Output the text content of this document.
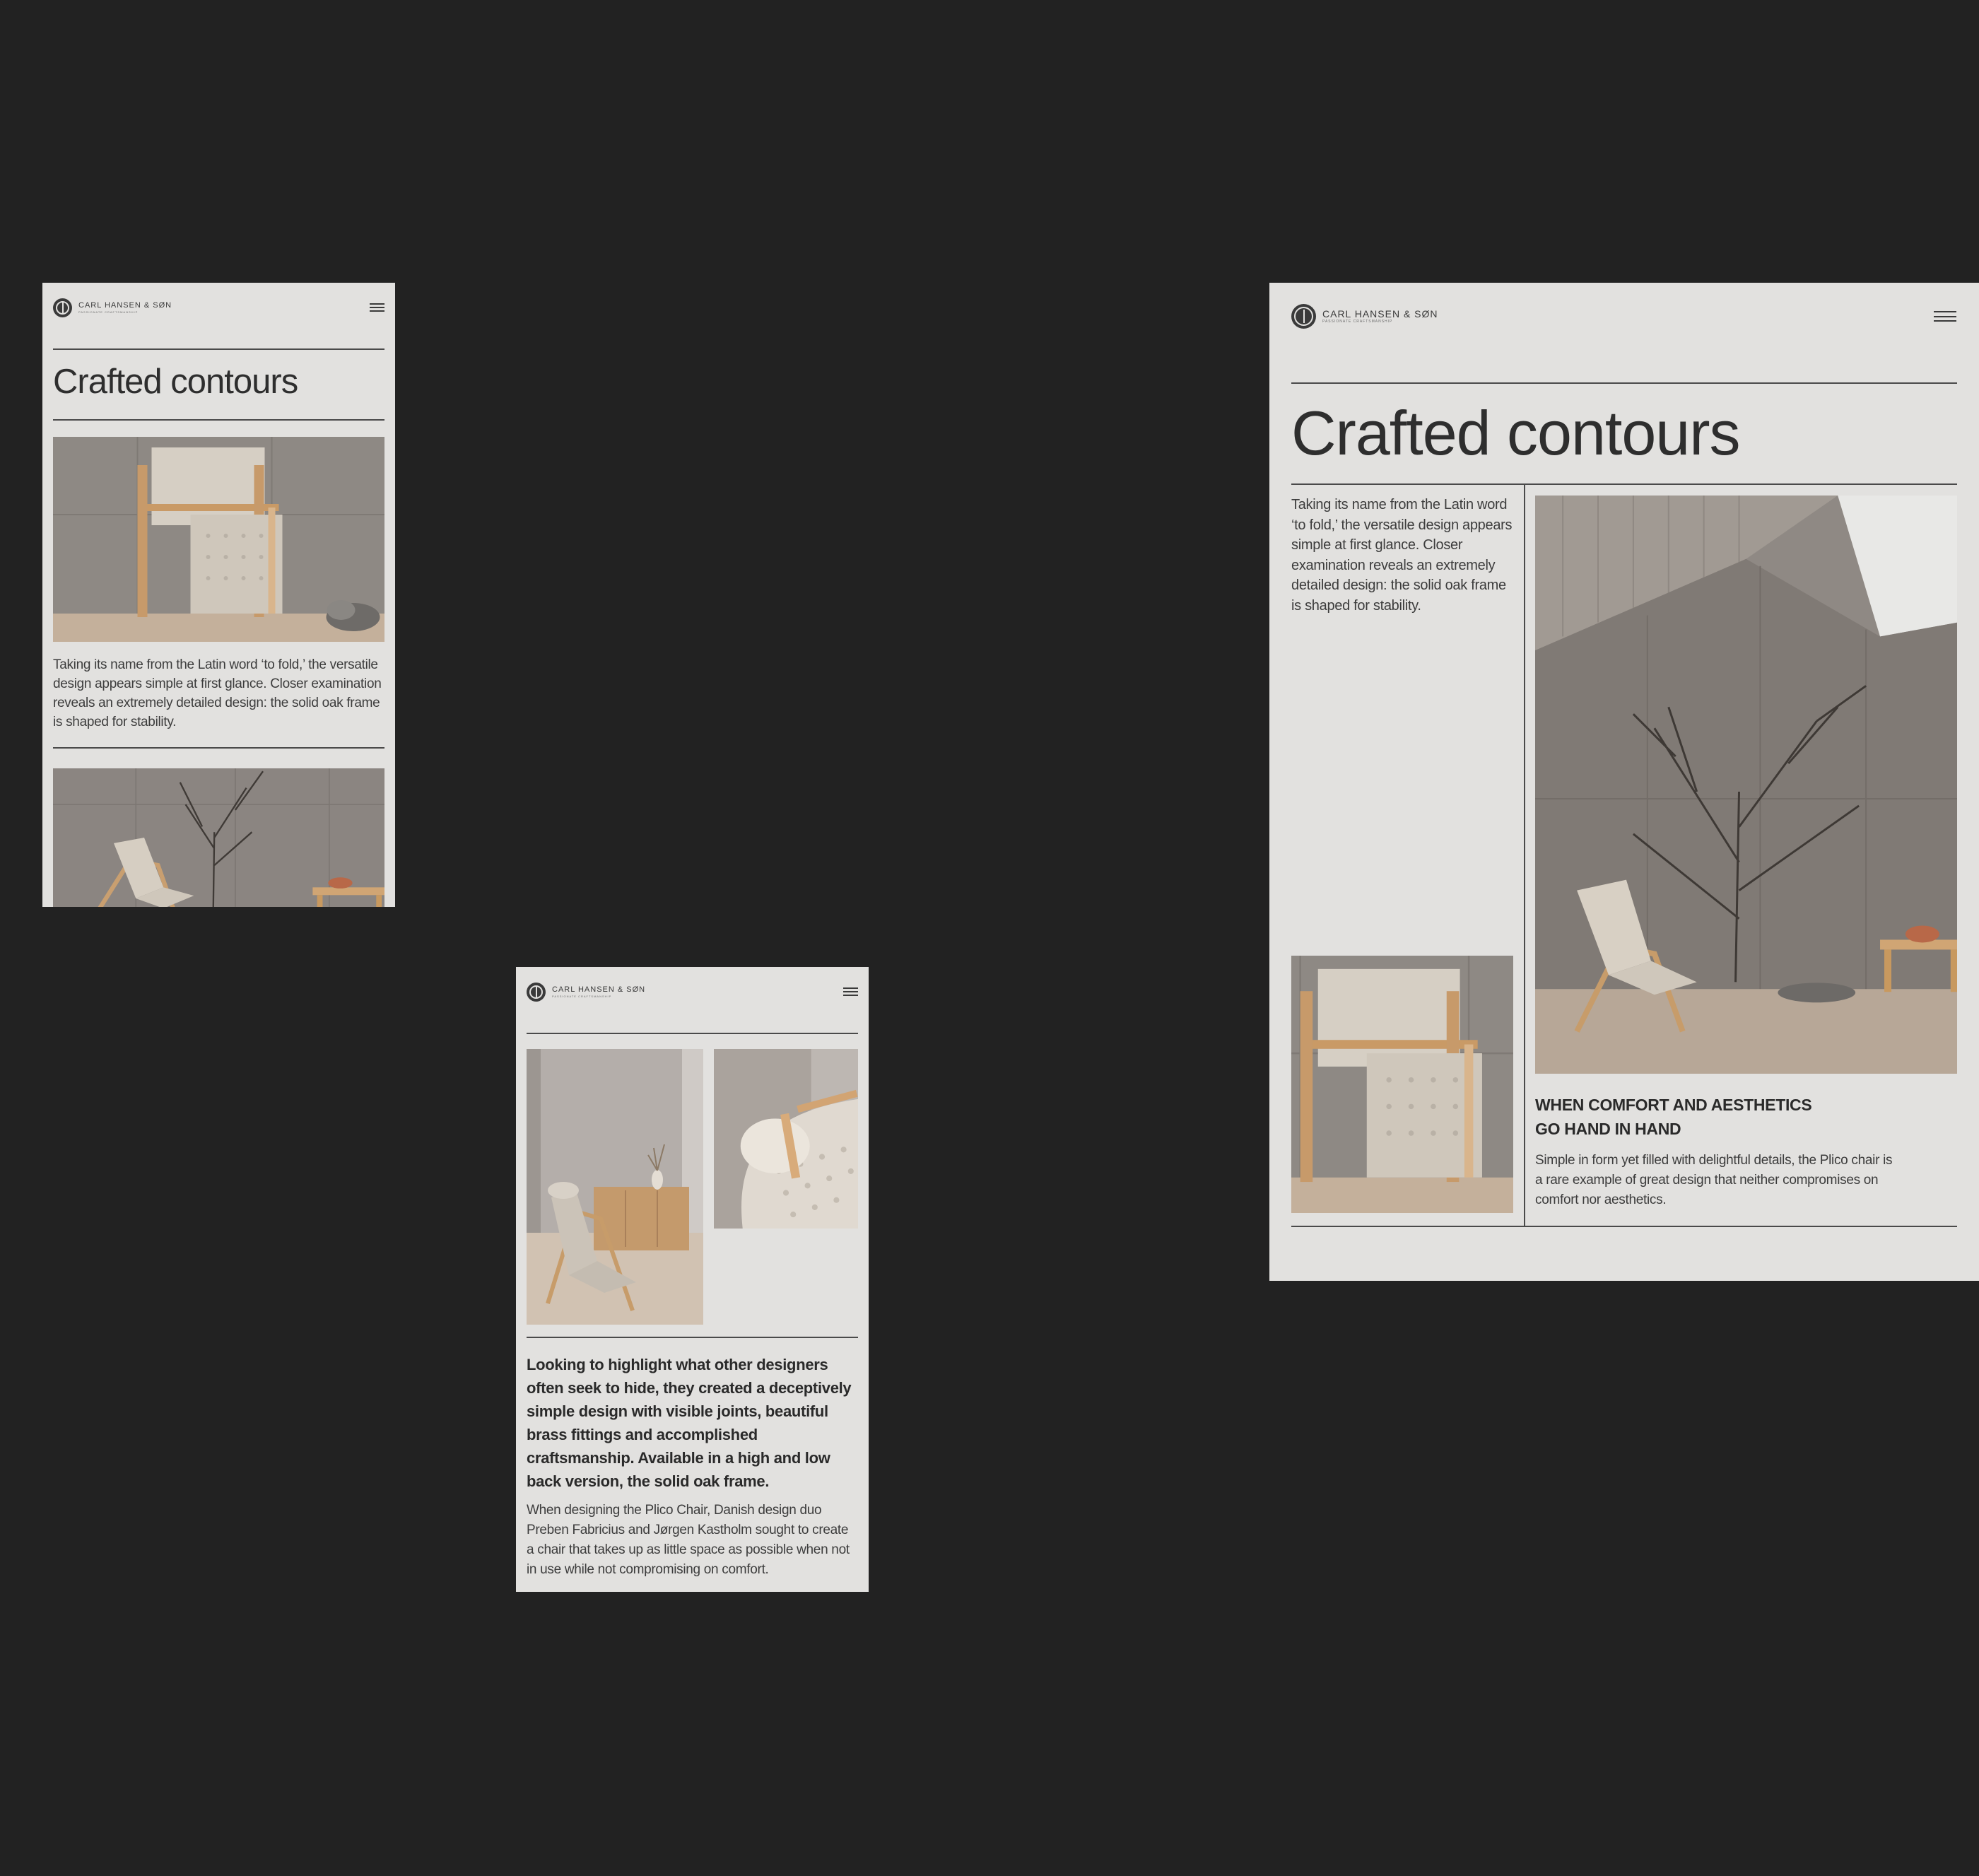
CARL HANSEN & SØN
PASSIONATE CRAFTSMANSHIP
Crafted contours

Taking its name from the Latin word ‘to fold,’ the versatile design appears simple at first glance. Closer examination reveals an extremely detailed design: the solid oak frame is shaped for stability.

CARL HANSEN & SØN
PASSIONATE CRAFTSMANSHIP

Looking to highlight what other designers often seek to hide, they created a deceptively simple design with visible joints, beautiful brass fittings and accomplished craftsmanship. Available in a high and low back version, the solid oak frame.

When designing the Plico Chair, Danish design duo Preben Fabricius and Jørgen Kastholm sought to create a chair that takes up as little space as possible when not in use while not compromising on comfort.

CARL HANSEN & SØN
PASSIONATE CRAFTSMANSHIP
Crafted contours

Taking its name from the Latin word ‘to fold,’ the versatile design appears simple at first glance. Closer examination reveals an extremely detailed design: the solid oak frame is shaped for stability.

WHEN COMFORT AND AESTHETICS GO HAND IN HAND

Simple in form yet filled with delightful details, the Plico chair is a rare example of great design that neither compromises on comfort nor aesthetics.
